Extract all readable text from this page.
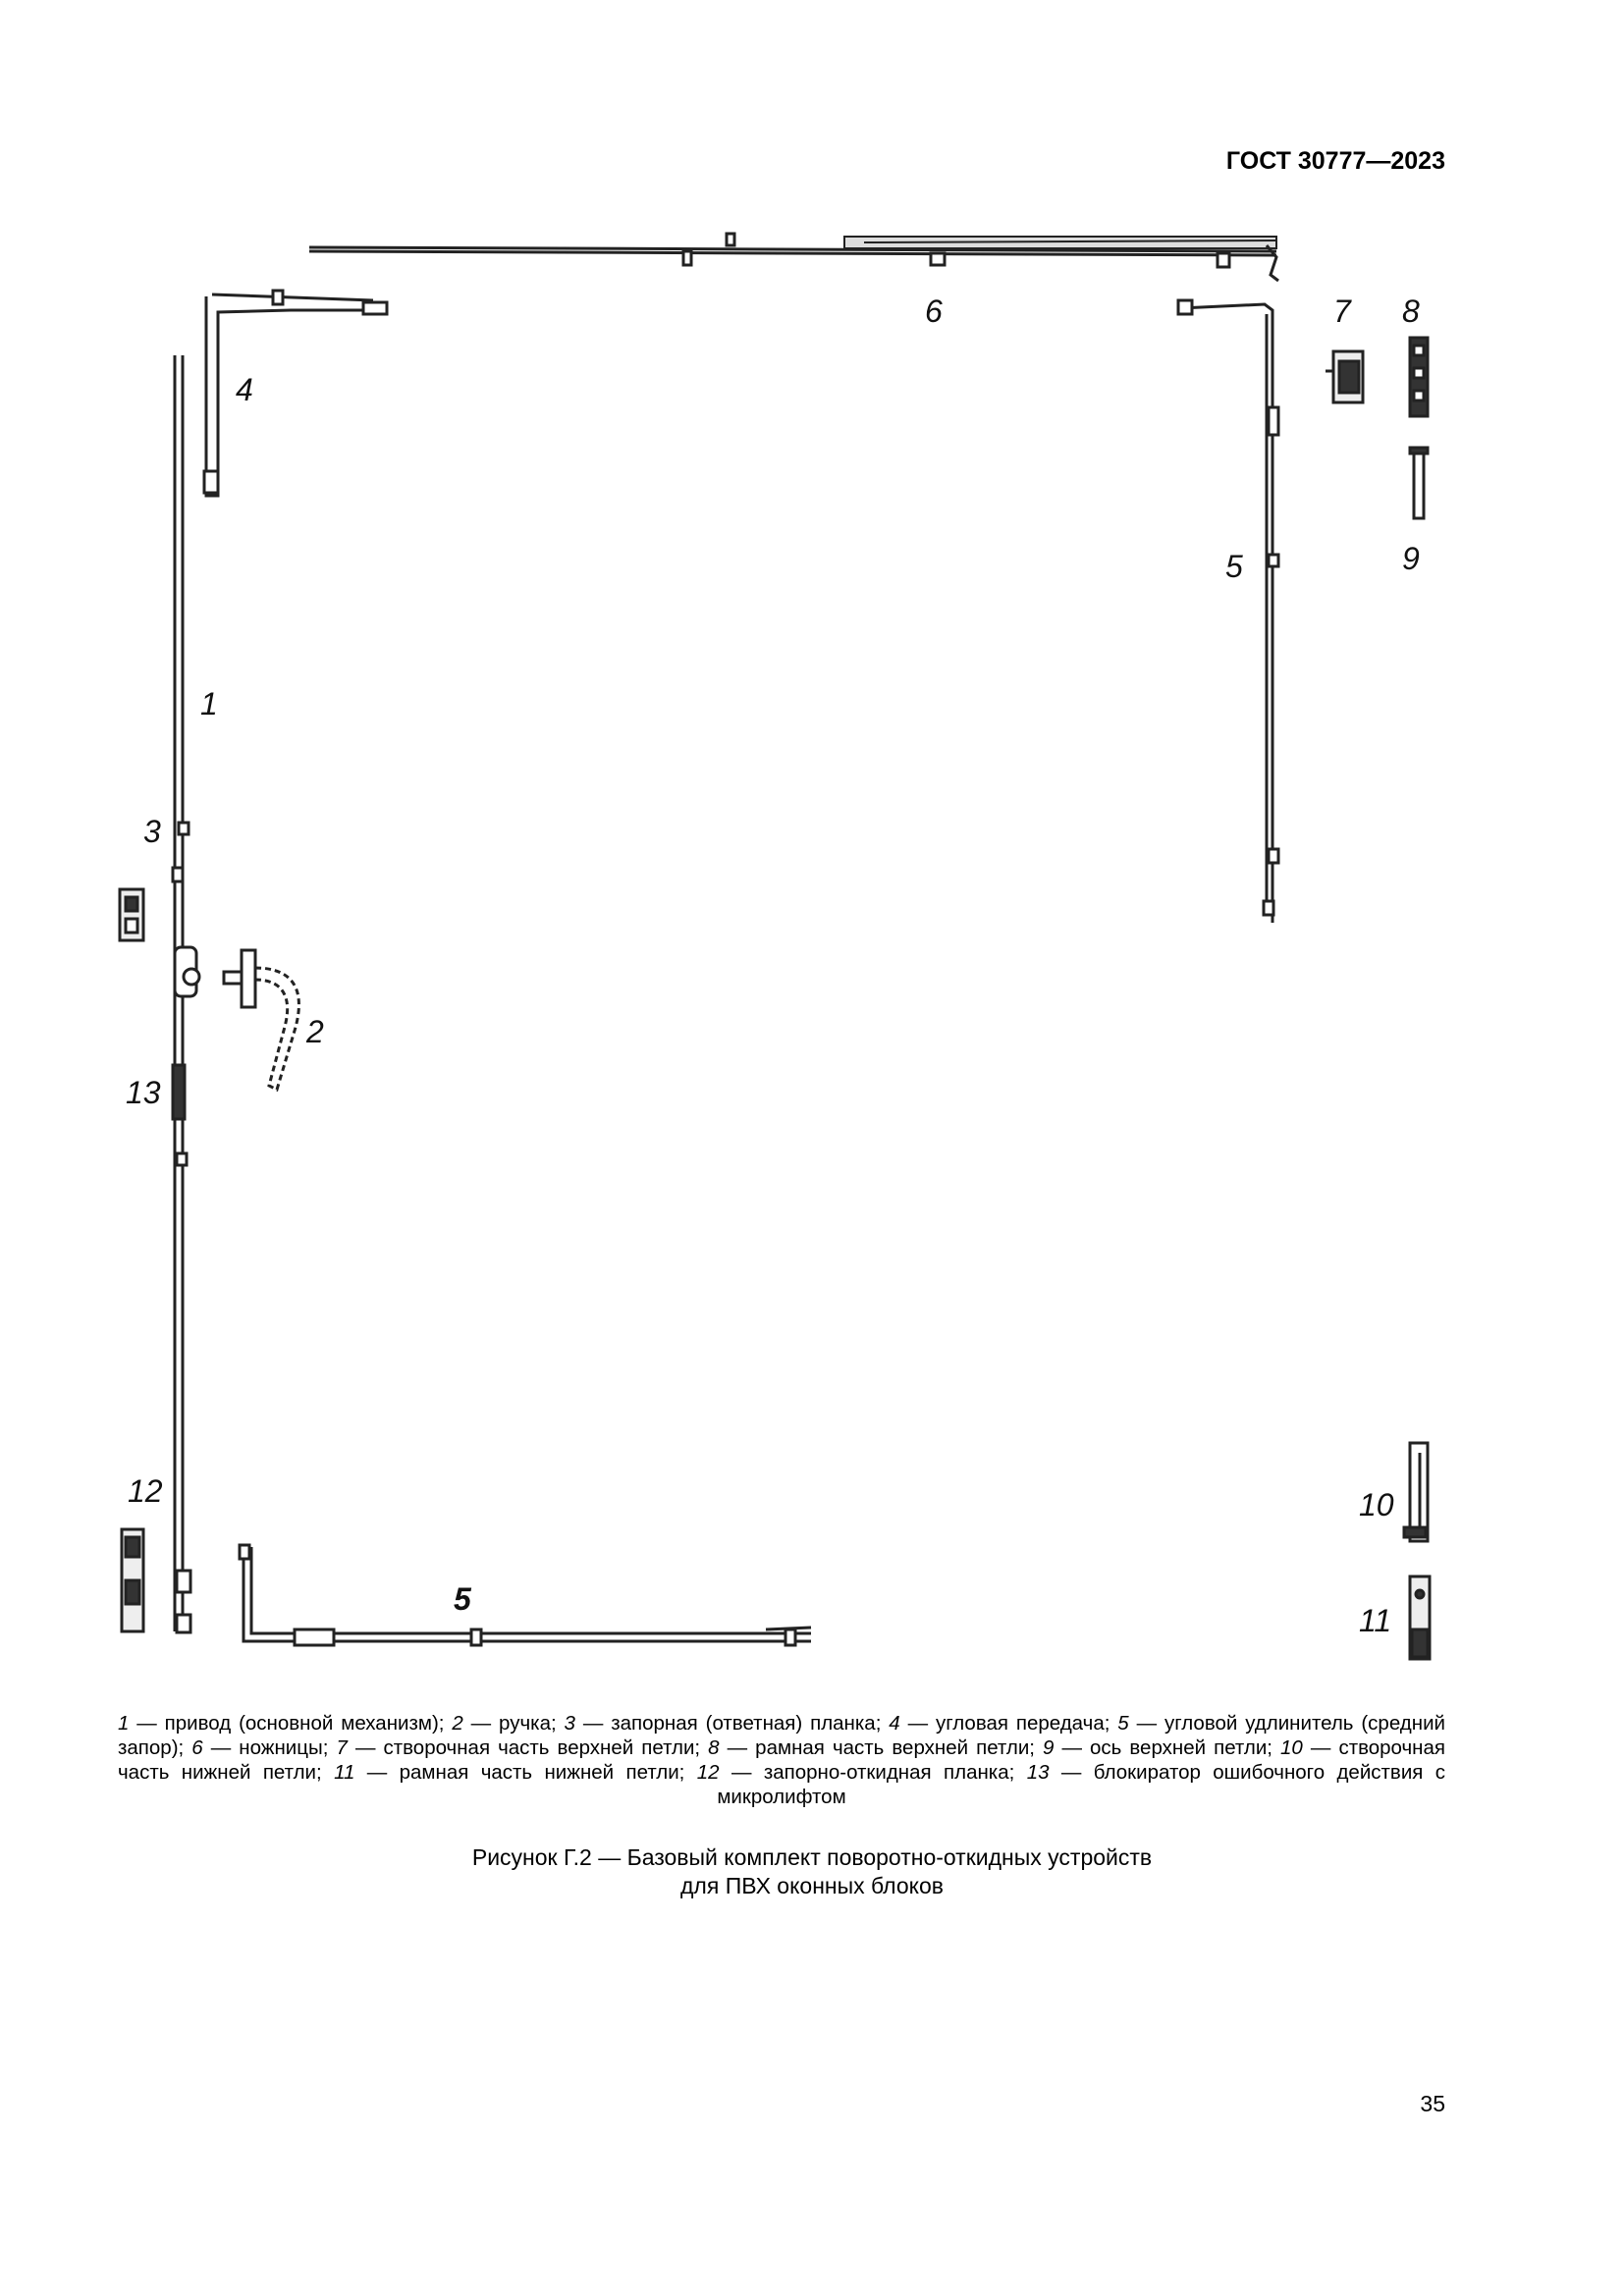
ГОСТ 30777—2023
6	7 8
4
5	9
1
3
2
13
12	10
5
11
1 — привод (основной механизм); 2 — ручка; 3 — запорная (ответная) планка; 4 — угловая передача; 5 — угловой удлинитель (средний запор); 6 — ножницы; 7 — створочная часть верхней петли; 8 — рамная часть верхней петли; 9 — ось верхней петли; 10 — створочная часть нижней петли; 11 — рамная часть нижней петли; 12 — запорно-откидная планка; 13 — блокиратор ошибочного действия с микролифтом
Рисунок Г.2 — Базовый комплект поворотно-откидных устройств
для ПВХ оконных блоков
35
